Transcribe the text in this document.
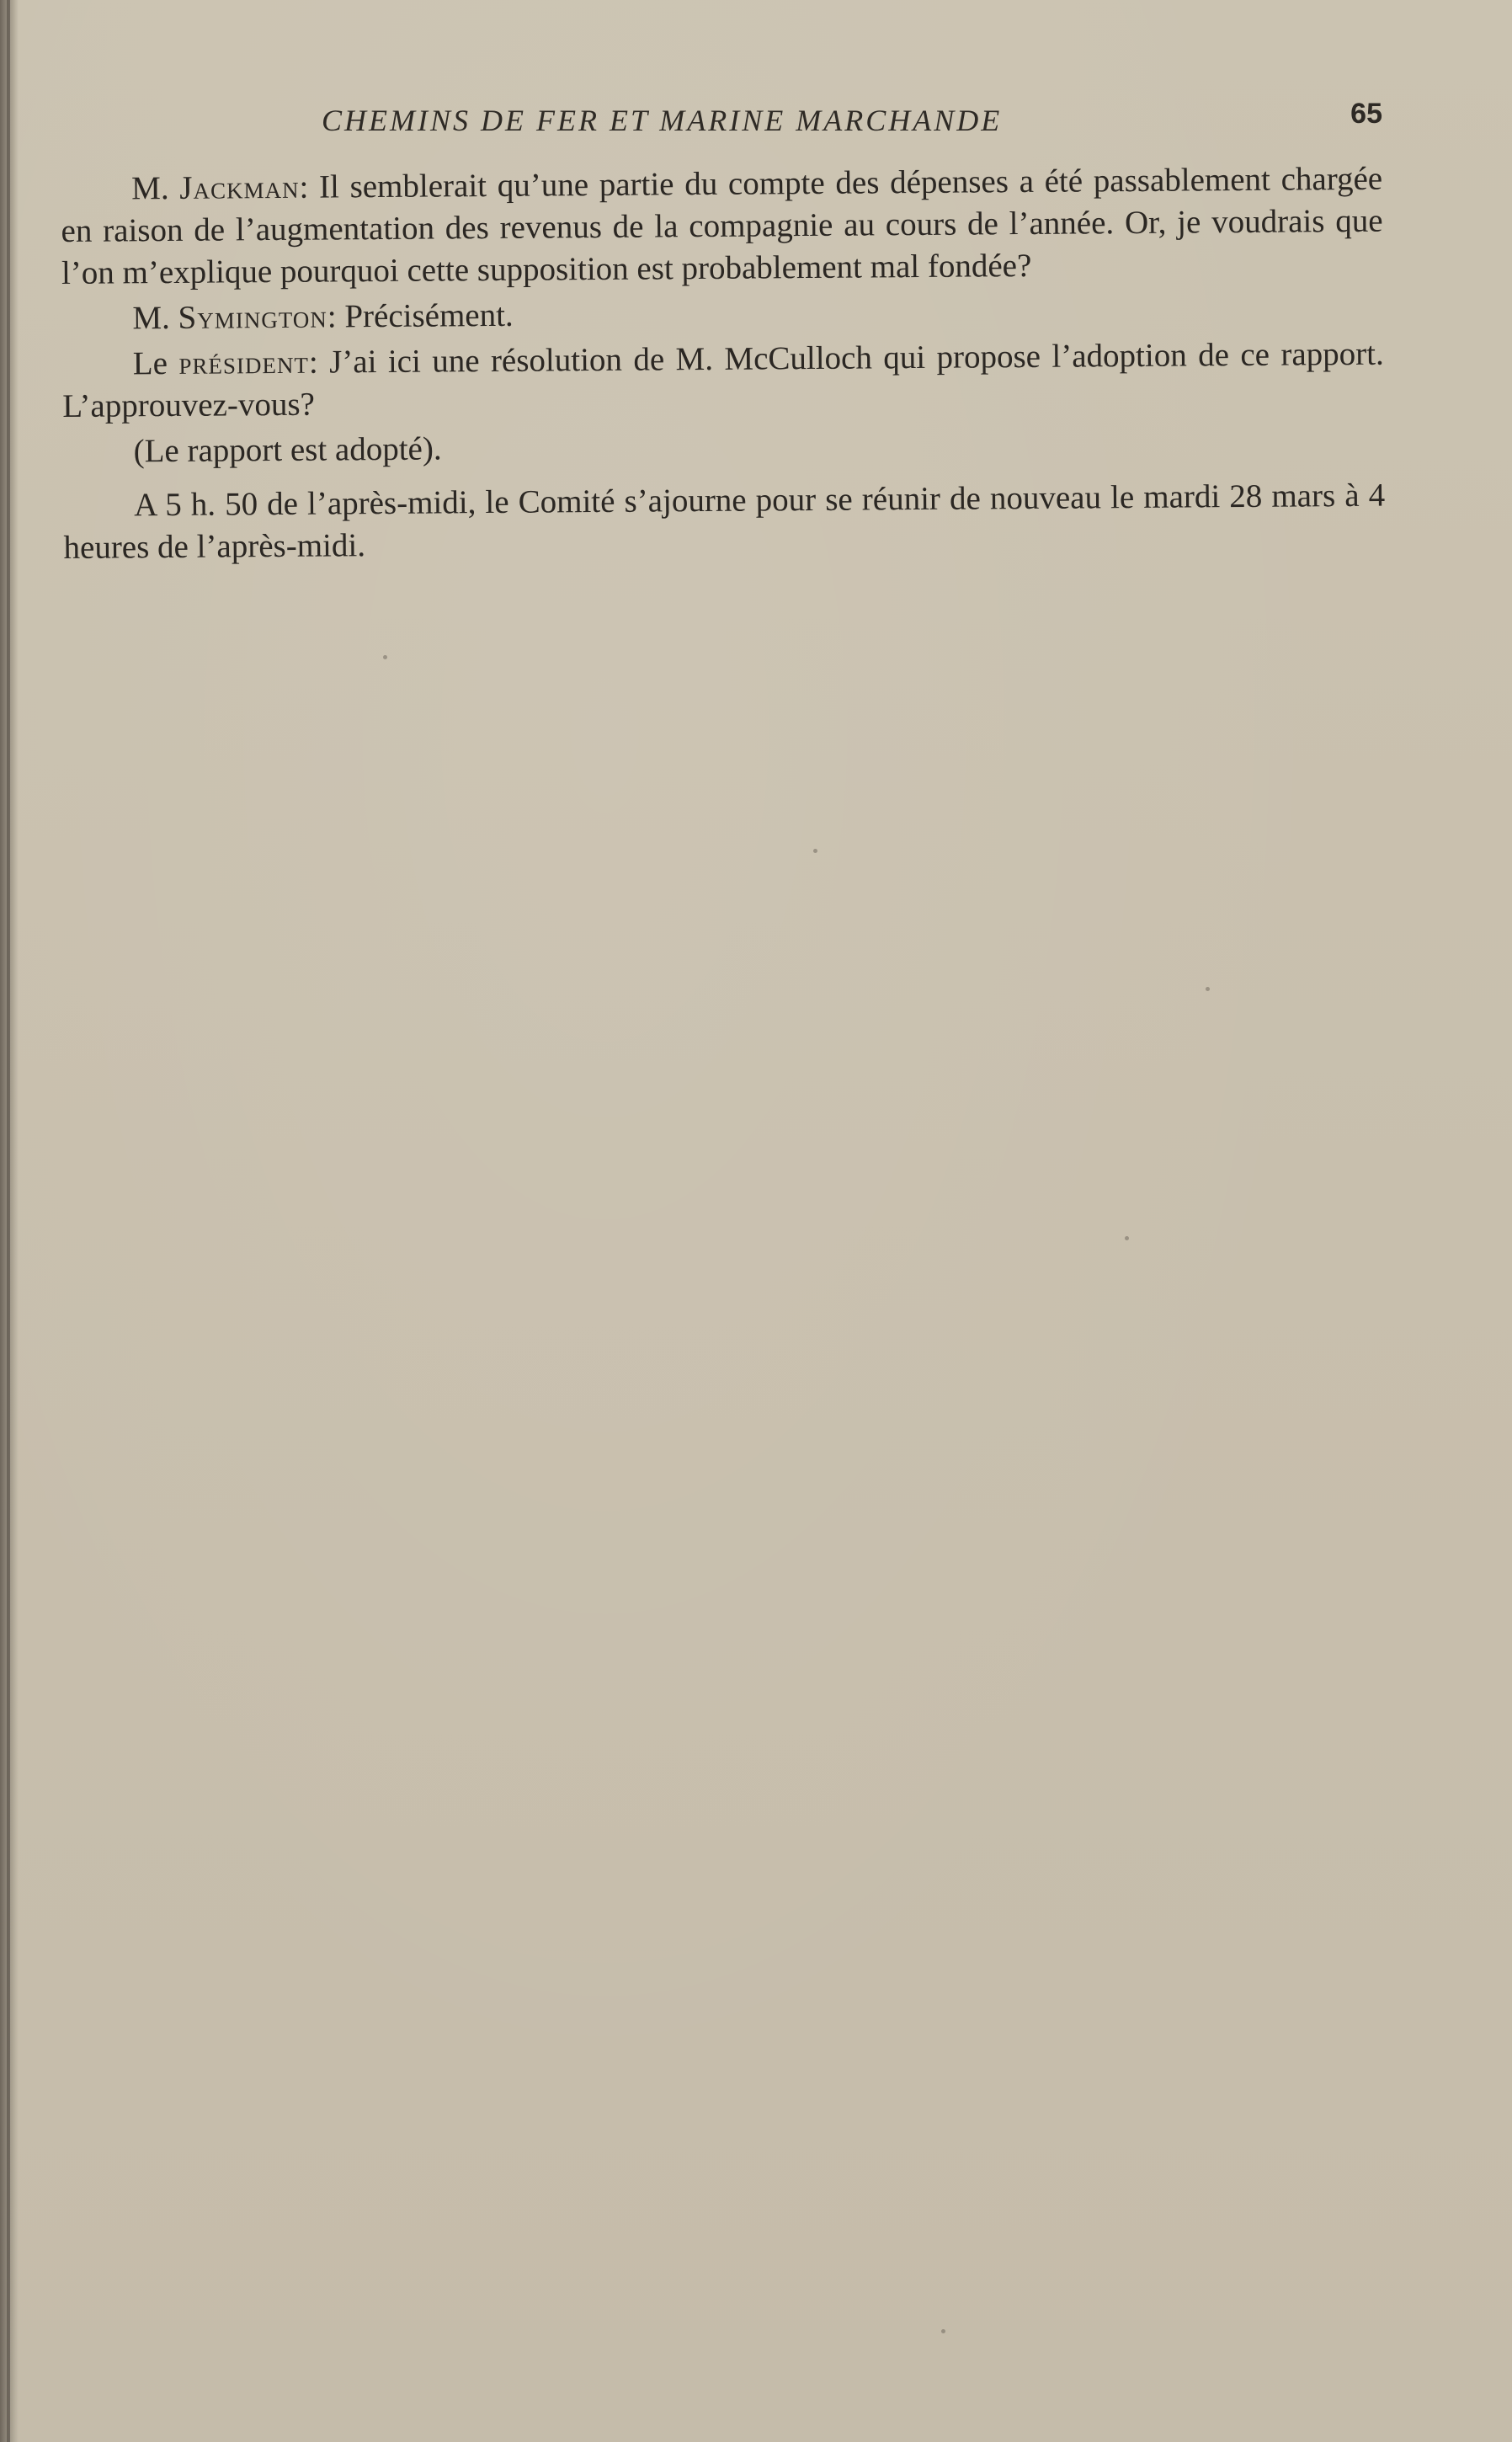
CHEMINS DE FER ET MARINE MARCHANDE	65

M. Jackman: Il semblerait qu’une partie du compte des dépenses a été passablement chargée en raison de l’augmentation des revenus de la compagnie au cours de l’année. Or, je voudrais que l’on m’explique pourquoi cette supposition est probablement mal fondée?

M. Symington: Précisément.

Le président: J’ai ici une résolution de M. McCulloch qui propose l’adoption de ce rapport. L’approuvez-vous?

(Le rapport est adopté).

A 5 h. 50 de l’après-midi, le Comité s’ajourne pour se réunir de nouveau le mardi 28 mars à 4 heures de l’après-midi.
